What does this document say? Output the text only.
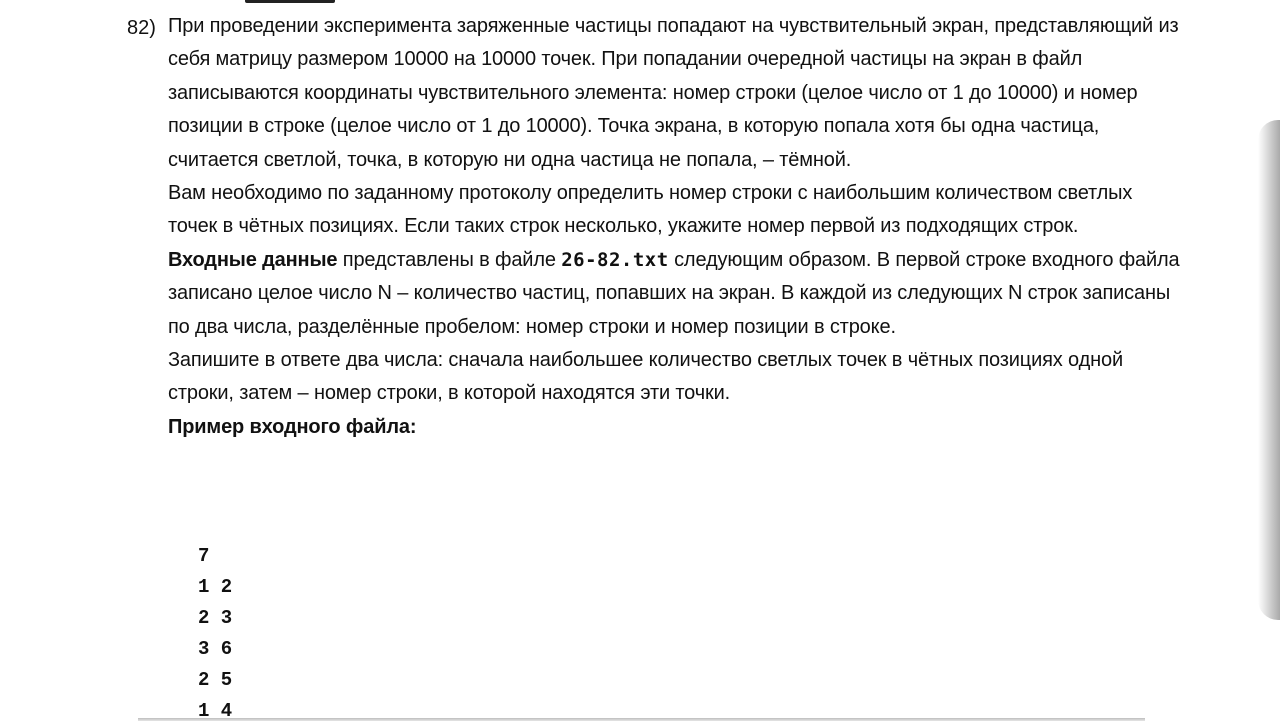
82) При проведении эксперимента заряженные частицы попадают на чувствительный экран, представляющий из себя матрицу размером 10000 на 10000 точек. При попадании очередной частицы на экран в файл записываются координаты чувствительного элемента: номер строки (целое число от 1 до 10000) и номер позиции в строке (целое число от 1 до 10000). Точка экрана, в которую попала хотя бы одна частица, считается светлой, точка, в которую ни одна частица не попала, – тёмной.

Вам необходимо по заданному протоколу определить номер строки с наибольшим количеством светлых точек в чётных позициях. Если таких строк несколько, укажите номер первой из подходящих строк.

Входные данные представлены в файле 26-82.txt следующим образом. В первой строке входного файла записано целое число N – количество частиц, попавших на экран. В каждой из следующих N строк записаны по два числа, разделённые пробелом: номер строки и номер позиции в строке.

Запишите в ответе два числа: сначала наибольшее количество светлых точек в чётных позициях одной строки, затем – номер строки, в которой находятся эти точки.

Пример входного файла:

7
1 2
2 3
3 6
2 5
1 4
